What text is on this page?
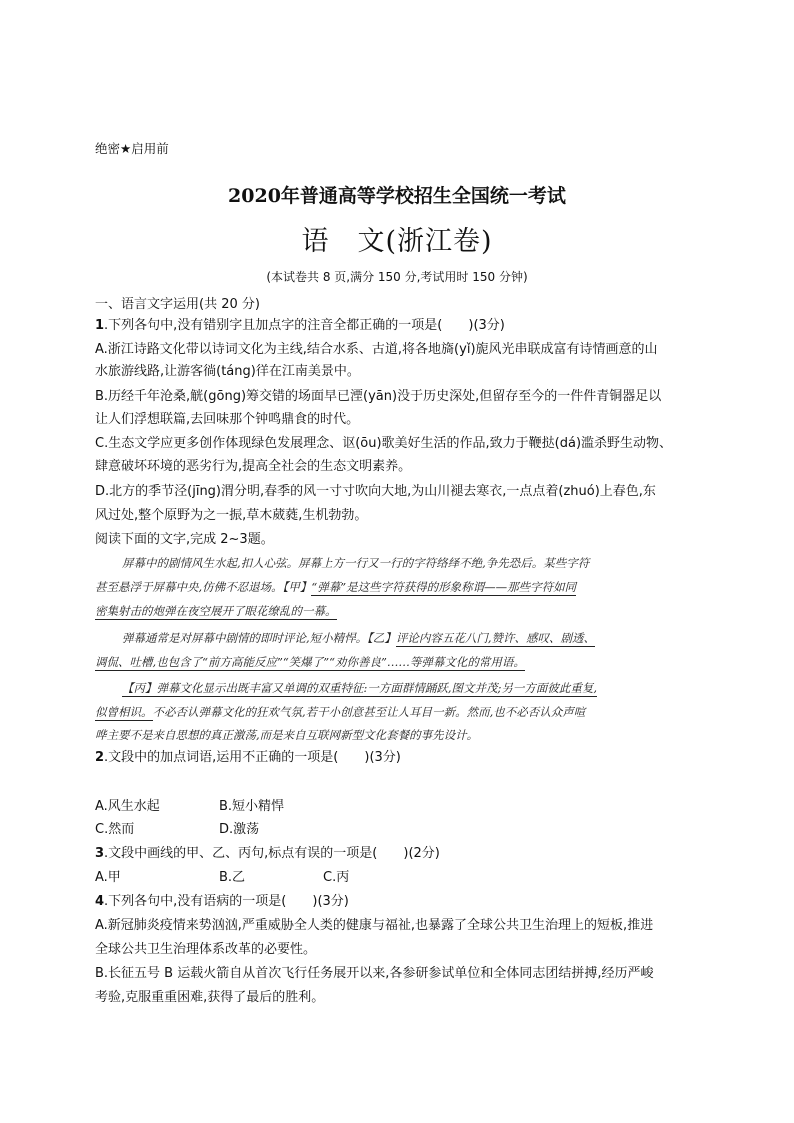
绝密★启用前
2020年普通高等学校招生全国统一考试
语　文(浙江卷)
(本试卷共 8 页,满分 150 分,考试用时 150 分钟)
一、语言文字运用(共 20 分)
1.下列各句中,没有错别字且加点字的注音全都正确的一项是(　　)(3分)
A.浙江诗路文化带以诗词文化为主线,结合水系、古道,将各地旖(yǐ)旎风光串联成富有诗情画意的山
水旅游线路,让游客徜(táng)徉在江南美景中。
B.历经千年沧桑,觥(gōng)筹交错的场面早已湮(yān)没于历史深处,但留存至今的一件件青铜器足以
让人们浮想联篇,去回味那个钟鸣鼎食的时代。
C.生态文学应更多创作体现绿色发展理念、讴(ōu)歌美好生活的作品,致力于鞭挞(dá)滥杀野生动物、
肆意破坏环境的恶劣行为,提高全社会的生态文明素养。
D.北方的季节泾(jīng)渭分明,春季的风一寸寸吹向大地,为山川褪去寒衣,一点点着(zhuó)上春色,东
风过处,整个原野为之一振,草木葳蕤,生机勃勃。
阅读下面的文字,完成 2~3题。
屏幕中的剧情风生水起,扣人心弦。屏幕上方一行又一行的字符络绎不绝,争先恐后。某些字符
甚至悬浮于屏幕中央,仿佛不忍退场。【甲】“弹幕”是这些字符获得的形象称谓——那些字符如同
密集射击的炮弹在夜空展开了眼花缭乱的一幕。
弹幕通常是对屏幕中剧情的即时评论,短小精悍。【乙】评论内容五花八门,赞许、感叹、剧透、
调侃、吐槽,也包含了“前方高能反应”“笑爆了”“劝你善良”……等弹幕文化的常用语。
【丙】弹幕文化显示出既丰富又单调的双重特征:一方面群情踊跃,图文并茂;另一方面彼此重复,
似曾相识。不必否认弹幕文化的狂欢气氛,若干小创意甚至让人耳目一新。然而,也不必否认众声喧
哗主要不是来自思想的真正激荡,而是来自互联网新型文化套餐的事先设计。
2.文段中的加点词语,运用不正确的一项是(　　)(3分)
A.风生水起	B.短小精悍
C.然而	D.激荡
3.文段中画线的甲、乙、丙句,标点有误的一项是(　　)(2分)
A.甲	B.乙	C.丙
4.下列各句中,没有语病的一项是(　　)(3分)
A.新冠肺炎疫情来势汹汹,严重威胁全人类的健康与福祉,也暴露了全球公共卫生治理上的短板,推进
全球公共卫生治理体系改革的必要性。
B.长征五号 B 运载火箭自从首次飞行任务展开以来,各参研参试单位和全体同志团结拼搏,经历严峻
考验,克服重重困难,获得了最后的胜利。
